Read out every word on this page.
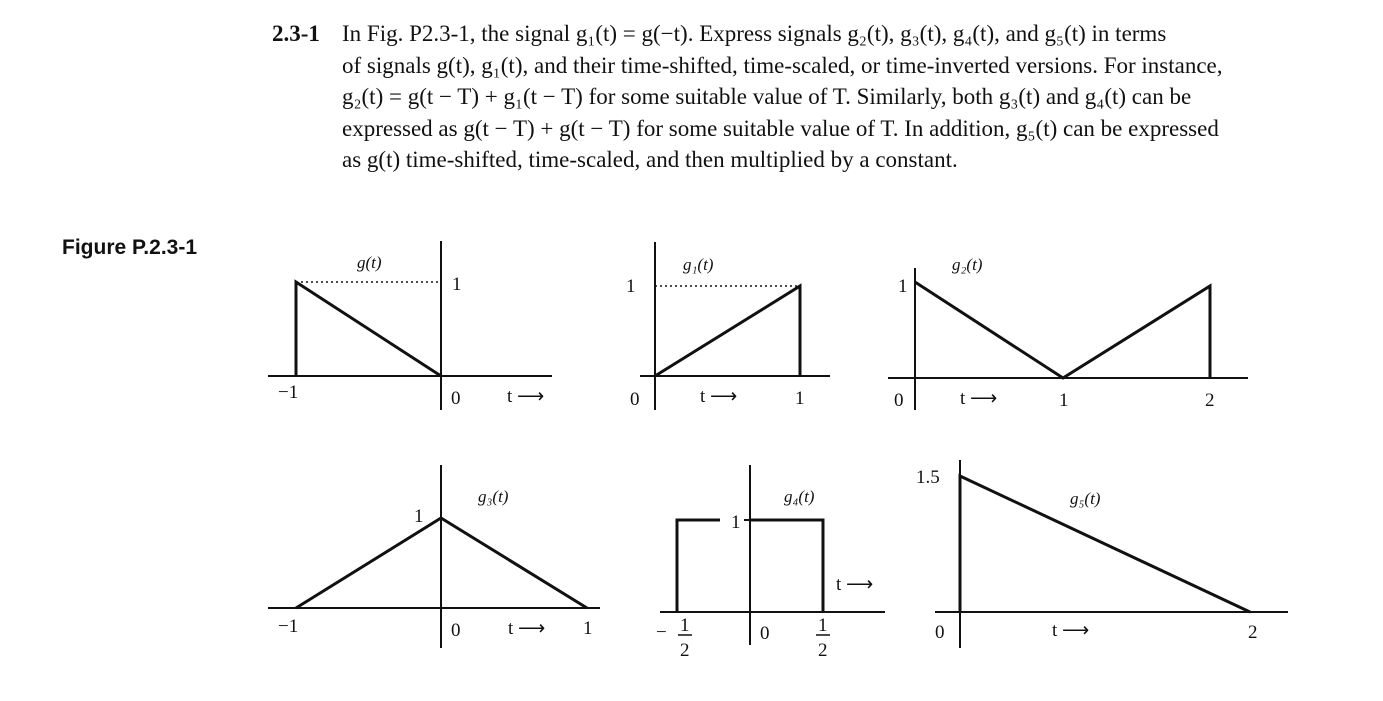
2.3-1 In Fig. P2.3-1, the signal g₁(t) = g(−t). Express signals g₂(t), g₃(t), g₄(t), and g₅(t) in terms
of signals g(t), g₁(t), and their time-shifted, time-scaled, or time-inverted versions. For instance,
g₂(t) = g(t − T) + g₁(t − T) for some suitable value of T. Similarly, both g₃(t) and g₄(t) can be
expressed as g(t − T) + g(t − T) for some suitable value of T. In addition, g₅(t) can be expressed
as g(t) time-shifted, time-scaled, and then multiplied by a constant.
Figure P.2.3-1
g(t)
1
−1	0 t ⟶
g₁(t)
1
0	1
t ⟶
g₂(t)
1
0	1	2
t ⟶
g₃(t)
1
−1	0	1
t ⟶
g₄(t)
1
t ⟶
− 1
2
0	1
2
g₅(t)
1.5
0	2
t ⟶
